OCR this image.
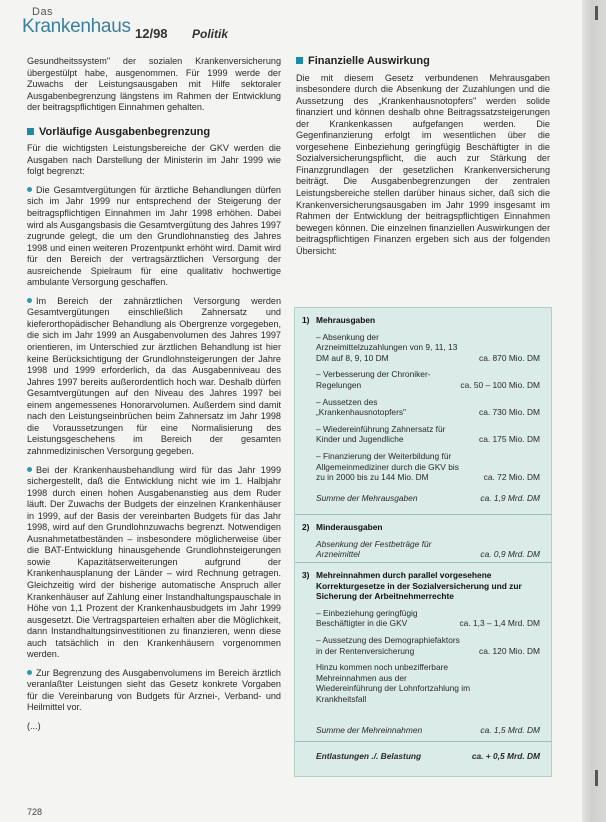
Das
Krankenhaus 12/98 Politik

Gesundheitssystem" der sozialen Krankenversicherung übergestülpt habe, ausgenommen. Für 1999 werde der Zuwachs der Leistungsausgaben mit Hilfe sektoraler Ausgabenbegrenzung längstens im Rahmen der Entwicklung der beitragspflichtigen Einnahmen gehalten.

Vorläufige Ausgabenbegrenzung

Für die wichtigsten Leistungsbereiche der GKV werden die Ausgaben nach Darstellung der Ministerin im Jahr 1999 wie folgt begrenzt:

Die Gesamtvergütungen für ärztliche Behandlungen dürfen sich im Jahr 1999 nur entsprechend der Steigerung der beitragspflichtigen Einnahmen im Jahr 1998 erhöhen. Dabei wird als Ausgangsbasis die Gesamtvergütung des Jahres 1997 zugrunde gelegt, die um den Grundlohnanstieg des Jahres 1998 und einen weiteren Prozentpunkt erhöht wird. Damit wird für den Bereich der vertragsärztlichen Versorgung der ausreichende Spielraum für eine qualitativ hochwertige ambulante Versorgung geschaffen.

Im Bereich der zahnärztlichen Versorgung werden Gesamtvergütungen einschließlich Zahnersatz und kieferorthopädischer Behandlung als Obergrenze vorgegeben, die sich im Jahr 1999 an Ausgabenvolumen des Jahres 1997 orientieren, im Unterschied zur ärztlichen Behandlung ist hier keine Berücksichtigung der Grundlohnsteigerungen der Jahre 1998 und 1999 erforderlich, da das Ausgabenniveau des Jahres 1997 bereits außerordentlich hoch war. Deshalb dürfen Gesamtvergütungen auf den Niveau des Jahres 1997 bei einem angemessenes Honorarvolumen. Außerdem sind damit nach den Leistungseinbrüchen beim Zahnersatz im Jahr 1998 die Voraussetzungen für eine Normalisierung des Leistungsgeschehens im Bereich der gesamten zahnmedizinischen Versorgung gegeben.

Bei der Krankenhausbehandlung wird für das Jahr 1999 sichergestellt, daß die Entwicklung nicht wie im 1. Halbjahr 1998 durch einen hohen Ausgabenanstieg aus dem Ruder läuft. Der Zuwachs der Budgets der einzelnen Krankenhäuser in 1999, auf der Basis der vereinbarten Budgets für das Jahr 1998, wird auf den Grundlohnzuwachs begrenzt. Notwendigen Ausnahmetatbeständen – insbesondere möglicherweise über die BAT-Entwicklung hinausgehende Grundlohnsteigerungen sowie Kapazitätserweiterungen aufgrund der Krankenhausplanung der Länder – wird Rechnung getragen. Gleichzeitig wird der bisherige automatische Anspruch aller Krankenhäuser auf Zahlung einer Instandhaltungspauschale in Höhe von 1,1 Prozent der Krankenhausbudgets im Jahr 1999 ausgesetzt. Die Vertragsparteien erhalten aber die Möglichkeit, dann Instandhaltungsinvestitionen zu finanzieren, wenn diese auch tatsächlich in den Krankenhäusern vorgenommen werden.

Zur Begrenzung des Ausgabenvolumens im Bereich ärztlich veranlaßter Leistungen sieht das Gesetz konkrete Vorgaben für die Vereinbarung von Budgets für Arznei-, Verband- und Heilmittel vor.

(...)

Finanzielle Auswirkung

Die mit diesem Gesetz verbundenen Mehrausgaben insbesondere durch die Absenkung der Zuzahlungen und die Aussetzung des „Krankenhausnotopfers" werden solide finanziert und können deshalb ohne Beitragssatzsteigerungen der Krankenkassen aufgefangen werden. Die Gegenfinanzierung erfolgt im wesentlichen über die vorgesehene Einbeziehung geringfügig Beschäftigter in die Sozialversicherungspflicht, die auch zur Stärkung der Finanzgrundlagen der gesetzlichen Krankenversicherung beiträgt. Die Ausgabenbegrenzungen der zentralen Leistungsbereiche stellen darüber hinaus sicher, daß sich die Krankenversicherungsausgaben im Jahr 1999 insgesamt im Rahmen der Entwicklung der beitragspflichtigen Einnahmen bewegen können. Die einzelnen finanziellen Auswirkungen der beitragspflichtigen Finanzen ergeben sich aus der folgenden Übersicht:

1) Mehrausgaben
– Absenkung der Arzneimittelzuzahlungen von 9, 11, 13 DM auf 8, 9, 10 DM	ca. 870 Mio. DM
– Verbesserung der Chroniker-Regelungen	ca. 50 – 100 Mio. DM
– Aussetzen des „Krankenhausnotopfers"	ca. 730 Mio. DM
– Wiedereinführung Zahnersatz für Kinder und Jugendliche	ca. 175 Mio. DM
– Finanzierung der Weiterbildung für Allgemeinmediziner durch die GKV bis zu in 2000 bis zu 144 Mio. DM	ca. 72 Mio. DM
Summe der Mehrausgaben	ca. 1,9 Mrd. DM
2) Minderausgaben
Absenkung der Festbeträge für Arzneimittel	ca. 0,9 Mrd. DM
3) Mehreinnahmen durch parallel vorgesehene Korrekturgesetze in der Sozialversicherung und zur Sicherung der Arbeitnehmerrechte
– Einbeziehung geringfügig Beschäftigter in die GKV	ca. 1,3 – 1,4 Mrd. DM
– Aussetzung des Demographiefaktors in der Rentenversicherung	ca. 120 Mio. DM
Hinzu kommen noch unbezifferbare Mehreinnahmen aus der Wiedereinführung der Lohnfortzahlung im Krankheitsfall
Summe der Mehreinnahmen	ca. 1,5 Mrd. DM
Entlastungen ./. Belastung	ca. + 0,5 Mrd. DM
728
